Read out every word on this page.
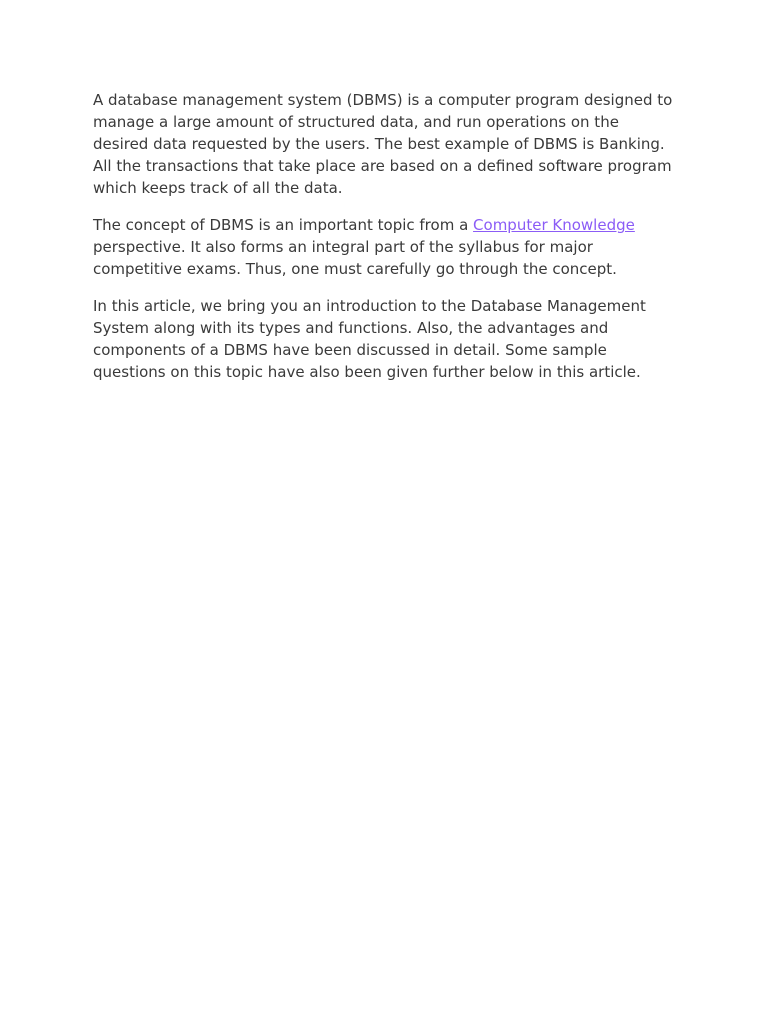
A database management system (DBMS) is a computer program designed to manage a large amount of structured data, and run operations on the desired data requested by the users. The best example of DBMS is Banking. All the transactions that take place are based on a defined software program which keeps track of all the data.

The concept of DBMS is an important topic from a Computer Knowledge perspective. It also forms an integral part of the syllabus for major competitive exams. Thus, one must carefully go through the concept.

In this article, we bring you an introduction to the Database Management System along with its types and functions. Also, the advantages and components of a DBMS have been discussed in detail. Some sample questions on this topic have also been given further below in this article.
